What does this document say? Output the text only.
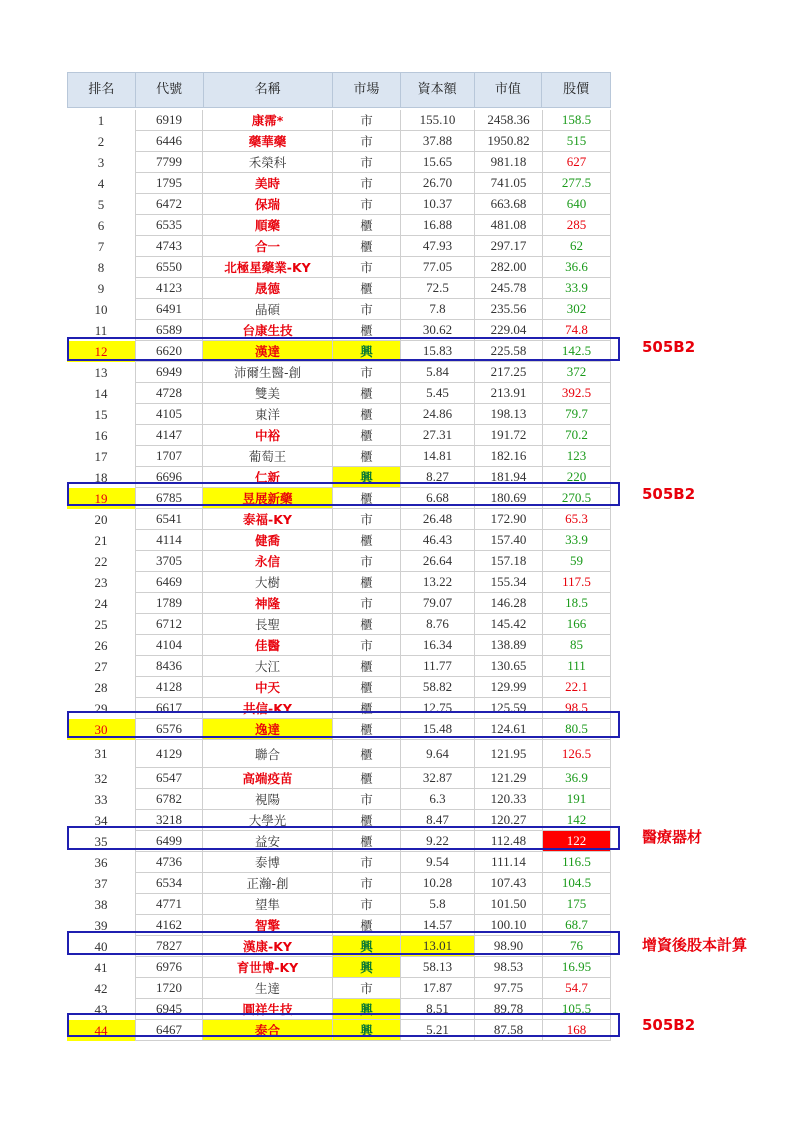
排名	代號	名稱	市場	資本額	市值	股價
1	6919	康霈*	市	155.10	2458.36	158.5
2	6446	藥華藥	市	37.88	1950.82	515
3	7799	禾榮科	市	15.65	981.18	627
4	1795	美時	市	26.70	741.05	277.5
5	6472	保瑞	市	10.37	663.68	640
6	6535	順藥	櫃	16.88	481.08	285
7	4743	合一	櫃	47.93	297.17	62
8	6550	北極星藥業-KY	市	77.05	282.00	36.6
9	4123	晟德	櫃	72.5	245.78	33.9
10	6491	晶碩	市	7.8	235.56	302
11	6589	台康生技	櫃	30.62	229.04	74.8
12	6620	漢達	興	15.83	225.58	142.5
13	6949	沛爾生醫-創	市	5.84	217.25	372
14	4728	雙美	櫃	5.45	213.91	392.5
15	4105	東洋	櫃	24.86	198.13	79.7
16	4147	中裕	櫃	27.31	191.72	70.2
17	1707	葡萄王	櫃	14.81	182.16	123
18	6696	仁新	興	8.27	181.94	220
19	6785	昱展新藥	櫃	6.68	180.69	270.5
20	6541	泰福-KY	市	26.48	172.90	65.3
21	4114	健喬	櫃	46.43	157.40	33.9
22	3705	永信	市	26.64	157.18	59
23	6469	大樹	櫃	13.22	155.34	117.5
24	1789	神隆	市	79.07	146.28	18.5
25	6712	長聖	櫃	8.76	145.42	166
26	4104	佳醫	市	16.34	138.89	85
27	8436	大江	櫃	11.77	130.65	111
28	4128	中天	櫃	58.82	129.99	22.1
29	6617	共信-KY	櫃	12.75	125.59	98.5
30	6576	逸達	櫃	15.48	124.61	80.5
31	4129	聯合	櫃	9.64	121.95	126.5
32	6547	高端疫苗	櫃	32.87	121.29	36.9
33	6782	視陽	市	6.3	120.33	191
34	3218	大學光	櫃	8.47	120.27	142
35	6499	益安	櫃	9.22	112.48	122
36	4736	泰博	市	9.54	111.14	116.5
37	6534	正瀚-創	市	10.28	107.43	104.5
38	4771	望隼	市	5.8	101.50	175
39	4162	智擎	櫃	14.57	100.10	68.7
40	7827	漢康-KY	興	13.01	98.90	76
41	6976	育世博-KY	興	58.13	98.53	16.95
42	1720	生達	市	17.87	97.75	54.7
43	6945	圓祥生技	興	8.51	89.78	105.5
44	6467	泰合	興	5.21	87.58	168
505B2
505B2
醫療器材
增資後股本計算
505B2
